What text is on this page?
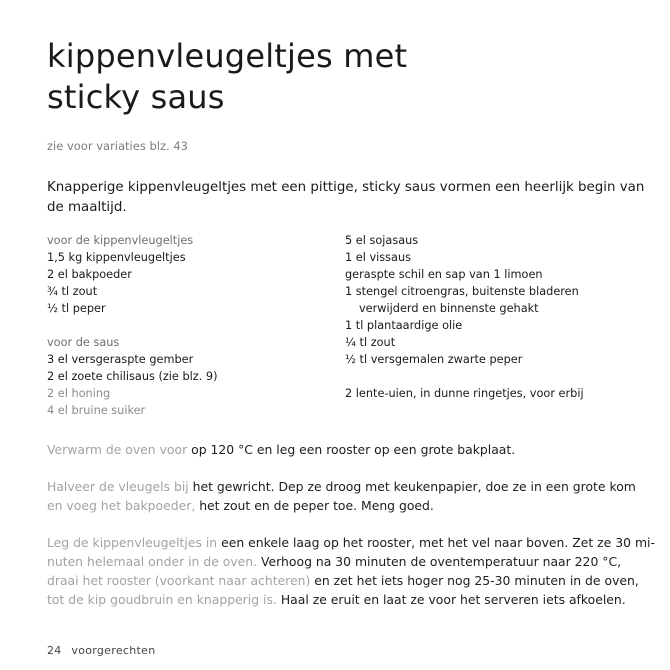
kippenvleugeltjes met
sticky saus
zie voor variaties blz. 43
Knapperige kippenvleugeltjes met een pittige, sticky saus vormen een heerlijk begin van de maaltijd.
voor de kippenvleugeltjes
1,5 kg kippenvleugeltjes
2 el bakpoeder
¾ tl zout
½ tl peper
voor de saus
3 el versgeraspte gember
2 el zoete chilisaus (zie blz. 9)
2 el honing
4 el bruine suiker
5 el sojasaus
1 el vissaus
geraspte schil en sap van 1 limoen
1 stengel citroengras, buitenste bladeren
verwijderd en binnenste gehakt
1 tl plantaardige olie
¼ tl zout
½ tl versgemalen zwarte peper
2 lente-uien, in dunne ringetjes, voor erbij
Verwarm de oven voor op 120 °C en leg een rooster op een grote bakplaat.
Halveer de vleugels bij het gewricht. Dep ze droog met keukenpapier, doe ze in een grote kom
en voeg het bakpoeder, het zout en de peper toe. Meng goed.
Leg de kippenvleugeltjes in een enkele laag op het rooster, met het vel naar boven. Zet ze 30 mi-
nuten helemaal onder in de oven. Verhoog na 30 minuten de oventemperatuur naar 220 °C,
draai het rooster (voorkant naar achteren) en zet het iets hoger nog 25-30 minuten in de oven,
tot de kip goudbruin en knapperig is. Haal ze eruit en laat ze voor het serveren iets afkoelen.
24 voorgerechten
